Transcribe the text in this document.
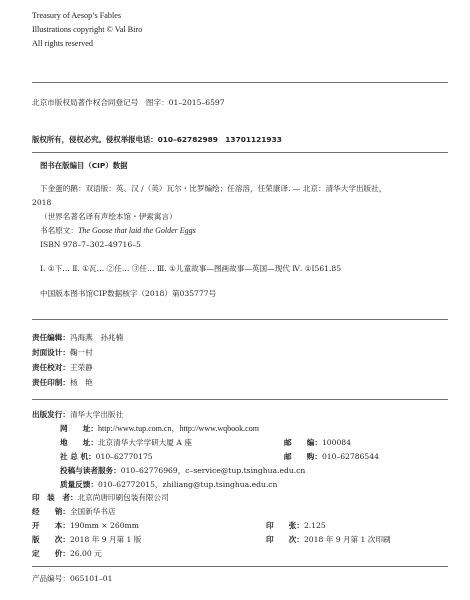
Treasury of Aesop’s Fables
Illustrations copyright © Val Biro
All rights reserved
北京市版权局著作权合同登记号　图字：01–2015–6597
版权所有，侵权必究。侵权举报电话：010–62782989　13701121933
图书在版编目（CIP）数据
下金蛋的鹅：双语版：英、汉 /（英）瓦尔・比罗编绘；任溶溶，任荣康译. — 北京：清华大学出版社，
2018
（世界名著名译有声绘本馆・伊索寓言）
书名原文：The Goose that laid the Golder Eggs
ISBN 978–7–302–49716–5
Ⅰ. ①下… Ⅱ. ①瓦… ②任… ③任… Ⅲ. ①儿童故事—图画故事—英国—现代 Ⅳ. ①I561.85
中国版本图书馆CIP数据核字（2018）第035777号
责任编辑：冯海燕　孙兆楠
封面设计：鞠一村
责任校对：王荣静
责任印制：杨　艳
出版发行：清华大学出版社
网　　址：http://www.tup.com.cn，http://www.wqbook.com
地　　址：北京清华大学学研大厦 A 座	邮　　编：100084
社 总 机：010–62770175	邮　　购：010–62786544
投稿与读者服务：010–62776969，c–service@tup.tsinghua.edu.cn
质量反馈：010–62772015，zhiliang@tup.tsinghua.edu.cn
印　装　者：北京尚唐印刷包装有限公司
经　　销：全国新华书店
开　　本：190mm × 260mm	印　　张：2.125
版　　次：2018 年 9 月第 1 版	印　　次：2018 年 9 月第 1 次印刷
定　　价：26.00 元
产品编号：065101–01
